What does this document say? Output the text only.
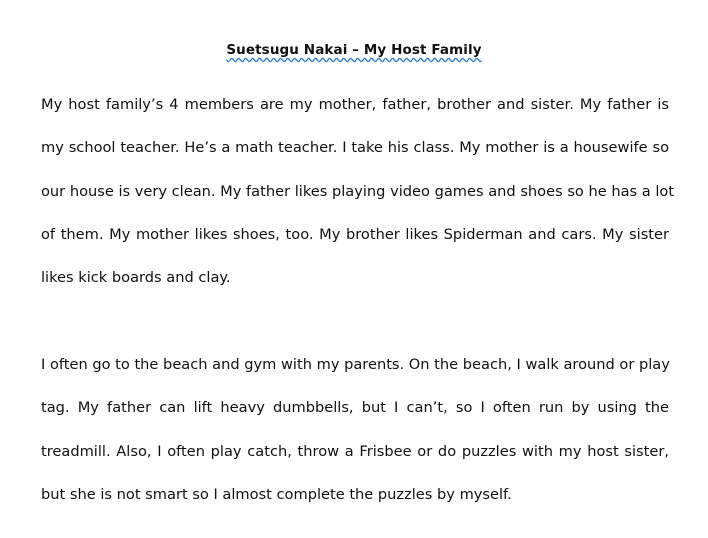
Suetsugu Nakai – My Host Family
My host family’s 4 members are my mother, father, brother and sister. My father is
my school teacher. He’s a math teacher. I take his class. My mother is a housewife so
our house is very clean. My father likes playing video games and shoes so he has a lot
of them. My mother likes shoes, too. My brother likes Spiderman and cars. My sister
likes kick boards and clay.
I often go to the beach and gym with my parents. On the beach, I walk around or play
tag. My father can lift heavy dumbbells, but I can’t, so I often run by using the
treadmill. Also, I often play catch, throw a Frisbee or do puzzles with my host sister,
but she is not smart so I almost complete the puzzles by myself.
